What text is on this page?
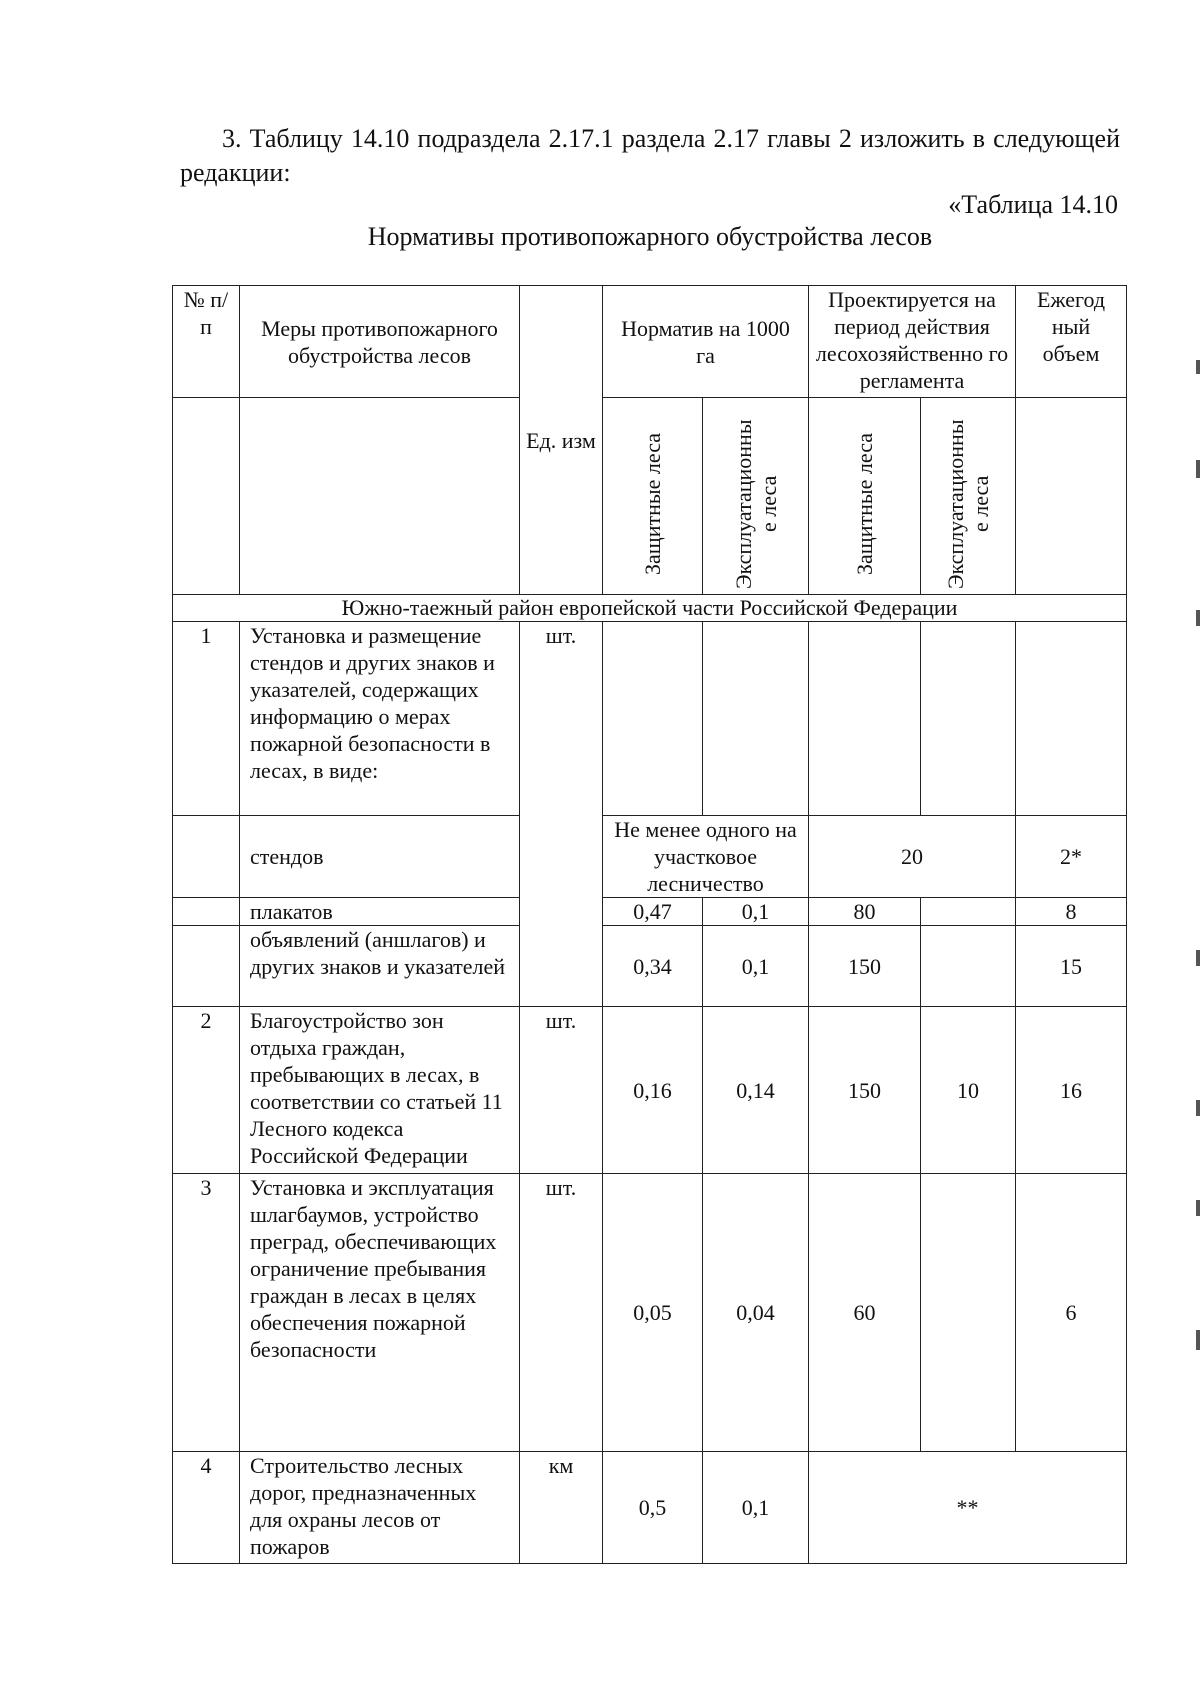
3. Таблицу 14.10 подраздела 2.17.1 раздела 2.17 главы 2 изложить в следующей редакции:
«Таблица 14.10
Нормативы противопожарного обустройства лесов
№ п/п	Меры противопожарного обустройства лесов	Ед. изм	Норматив на 1000 га		Проектируется на период действия лесохозяйственно го регламента		Ежегод ный объем

			Защитные леса	Эксплуатационны е леса	Защитные леса	Эксплуатационны е леса	

Южно-таежный район европейской части Российской Федерации							
1	Установка и размещение стендов и других знаков и указателей, содержащих информацию о мерах пожарной безопасности в лесах, в виде:	шт.					
	стендов		Не менее одного на участковое лесничество		20		2*
	плакатов		0,47	0,1	80		8
	объявлений (аншлагов) и других знаков и указателей		0,34	0,1	150		15
2	Благоустройство зон отдыха граждан, пребывающих в лесах, в соответствии со статьей 11 Лесного кодекса Российской Федерации	шт.	0,16	0,14	150	10	16
3	Установка и эксплуатация шлагбаумов, устройство преград, обеспечивающих ограничение пребывания граждан в лесах в целях обеспечения пожарной безопасности	шт.	0,05	0,04	60		6
4	Строительство лесных дорог, предназначенных для охраны лесов от пожаров	км	0,5	0,1	**		
